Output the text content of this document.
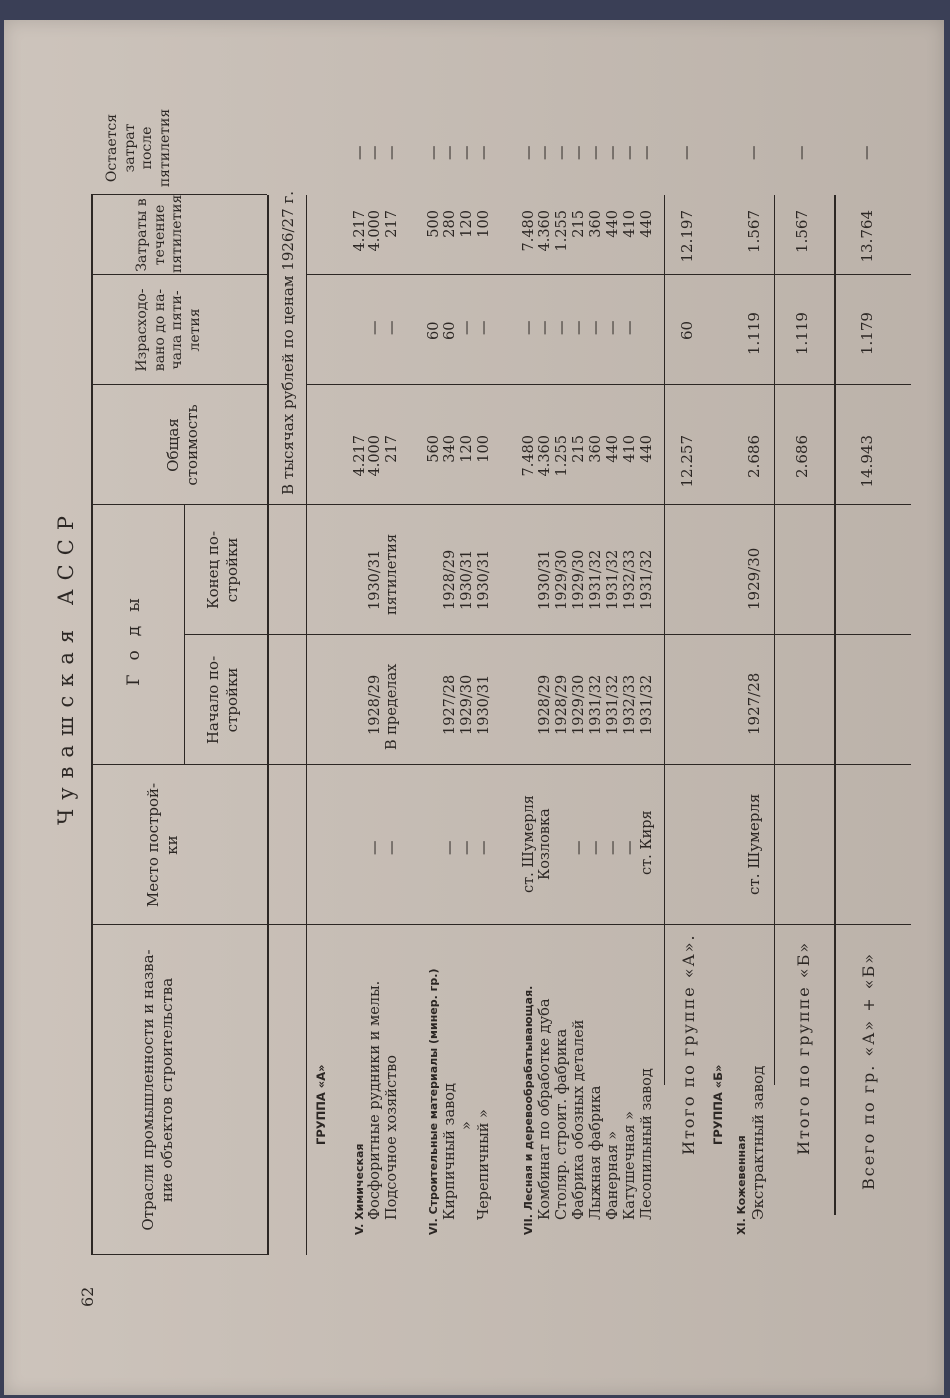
Чувашская АССР
62
Отрасли промышленности и назва-ние объектов строительства
Место построй-ки
Годы
Начало по-стройки
Конец по-стройки
Общая стоимость
Израсходо-вано до на-чала пяти-летия
Затраты в течение пятилетия
Остается затрат после пятилетия
В тысячах рублей по ценам 1926/27 г.
ГРУППА «А»
V. Химическая Фосфоритные рудники и мелы. Подсочное хозяйство
— —
1928/29 В пределах
1930/31 пятилетия
4.217 4.000 217
— —
4.217 4.000 217
— — —
VI. Строительные материалы (минер. гр.) Кирпичный завод » Черепичный »
— — —
1927/28 1929/30 1930/31
1928/29 1930/31 1930/31
560 340 120 100
60 60 — —
500 280 120 100
— — — —
VII. Лесная и деревообрабатывающая. Комбинат по обработке дуба Столяр. строит. фабрика Фабрика обозных деталей Лыжная фабрика Фанерная » Катушечная » Лесопильный завод
ст. Шумерля Козловка — — — — ст. Киря
1928/29 1928/29 1929/30 1931/32 1931/32 1932/33 1931/32
1930/31 1929/30 1929/30 1931/32 1931/32 1932/33 1931/32
7.480 4.360 1.255 215 360 440 410 440
— — — — — — —
7.480 4.360 1.255 215 360 440 410 440
— — — — — — — —
Итого по группе «А».
12.257
60
12.197
—
ГРУППА «Б»
XI. Кожевенная Экстрактный завод
ст. Шумерля
1927/28
1929/30
2.686
1.119
1.567
—
Итого по группе «Б»
2.686
1.119
1.567
—
Всего по гр. «А» + «Б»
14.943
1.179
13.764
—
